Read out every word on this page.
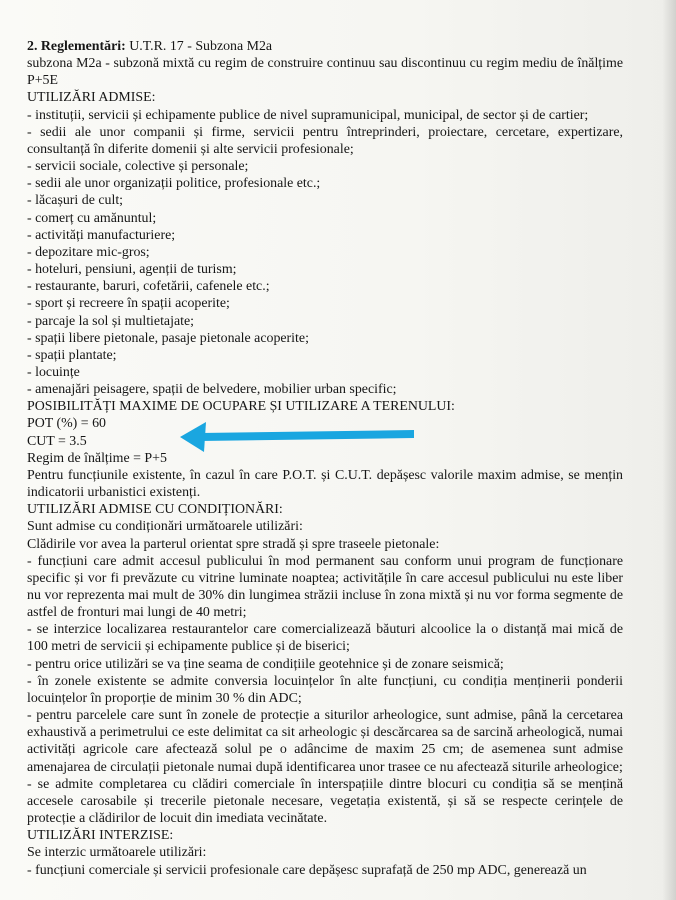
2. Reglementări: U.T.R. 17 - Subzona M2a

subzona M2a - subzonă mixtă cu regim de construire continuu sau discontinuu cu regim mediu de înălțime P+5E

UTILIZĂRI ADMISE:

- instituții, servicii și echipamente publice de nivel supramunicipal, municipal, de sector și de cartier;

- sedii ale unor companii și firme, servicii pentru întreprinderi, proiectare, cercetare, expertizare, consultanță în diferite domenii și alte servicii profesionale;

- servicii sociale, colective și personale;

- sedii ale unor organizații politice, profesionale etc.;

- lăcașuri de cult;

- comerț cu amănuntul;

- activități manufacturiere;

- depozitare mic-gros;

- hoteluri, pensiuni, agenții de turism;

- restaurante, baruri, cofetării, cafenele etc.;

- sport și recreere în spații acoperite;

- parcaje la sol și multietajate;

- spații libere pietonale, pasaje pietonale acoperite;

- spații plantate;

- locuințe

- amenajări peisagere, spații de belvedere, mobilier urban specific;

POSIBILITĂȚI MAXIME DE OCUPARE ȘI UTILIZARE A TERENULUI:

POT (%) = 60

CUT = 3.5

Regim de înălțime = P+5

Pentru funcțiunile existente, în cazul în care P.O.T. și C.U.T. depășesc valorile maxim admise, se mențin indicatorii urbanistici existenți.

UTILIZĂRI ADMISE CU CONDIȚIONĂRI:

Sunt admise cu condiționări următoarele utilizări:

Clădirile vor avea la parterul orientat spre stradă și spre traseele pietonale:

- funcțiuni care admit accesul publicului în mod permanent sau conform unui program de funcționare specific și vor fi prevăzute cu vitrine luminate noaptea; activitățile în care accesul publicului nu este liber nu vor reprezenta mai mult de 30% din lungimea străzii incluse în zona mixtă și nu vor forma segmente de astfel de fronturi mai lungi de 40 metri;

- se interzice localizarea restaurantelor care comercializează băuturi alcoolice la o distanță mai mică de 100 metri de servicii și echipamente publice și de biserici;

- pentru orice utilizări se va ține seama de condițiile geotehnice și de zonare seismică;

- în zonele existente se admite conversia locuințelor în alte funcțiuni, cu condiția menținerii ponderii locuințelor în proporție de minim 30 % din ADC;

- pentru parcelele care sunt în zonele de protecție a siturilor arheologice, sunt admise, până la cercetarea exhaustivă a perimetrului ce este delimitat ca sit arheologic și descărcarea sa de sarcină arheologică, numai activități agricole care afectează solul pe o adâncime de maxim 25 cm; de asemenea sunt admise amenajarea de circulații pietonale numai după identificarea unor trasee ce nu afectează siturile arheologice;

- se admite completarea cu clădiri comerciale în interspațiile dintre blocuri cu condiția să se mențină accesele carosabile și trecerile pietonale necesare, vegetația existentă, și să se respecte cerințele de protecție a clădirilor de locuit din imediata vecinătate.

UTILIZĂRI INTERZISE:

Se interzic următoarele utilizări:

- funcțiuni comerciale și servicii profesionale care depășesc suprafață de 250 mp ADC, generează un
